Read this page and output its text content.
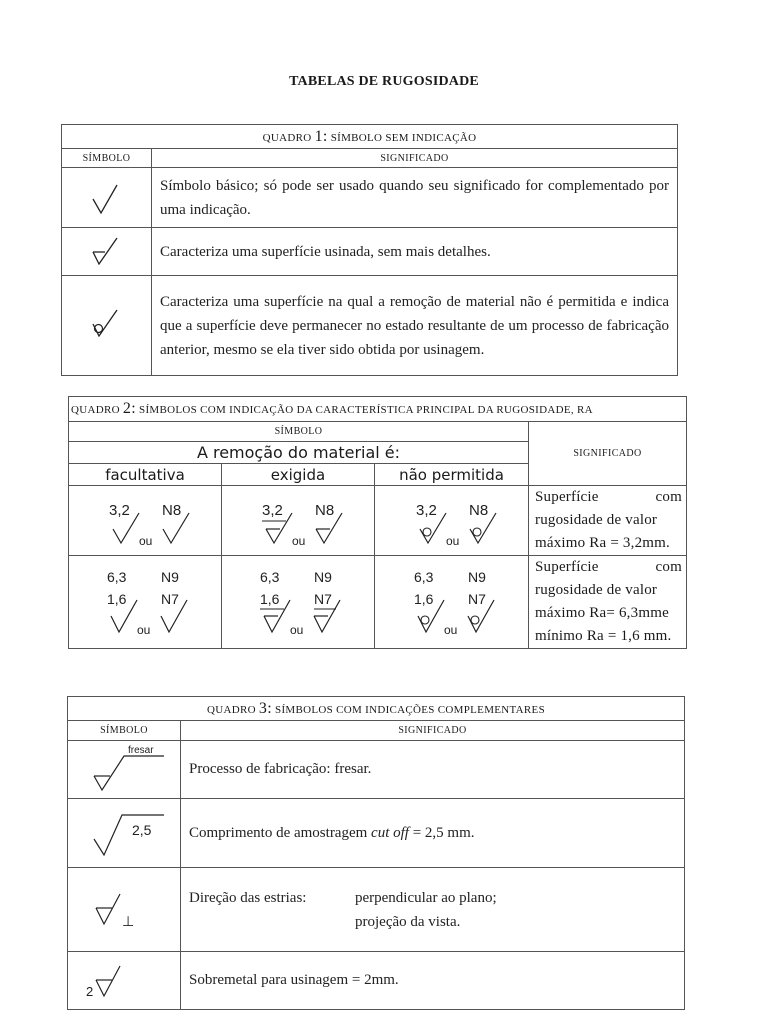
TABELAS DE RUGOSIDADE
QUADRO 1: SÍMBOLO SEM INDICAÇÃO	
SÍMBOLO	SIGNIFICADO

	Símbolo básico; só pode ser usado quando seu significado for complementado por uma indicação.

	Caracteriza uma superfície usinada, sem mais detalhes.

	Caracteriza uma superfície na qual a remoção de material não é permitida e indica que a superfície deve permanecer no estado resultante de um processo de fabricação anterior, mesmo se ela tiver sido obtida por usinagem.
QUADRO 2: SÍMBOLOS COM INDICAÇÃO DA CARACTERÍSTICA PRINCIPAL DA RUGOSIDADE, RA			
SÍMBOLO			SIGNIFICADO
A remoção do material é:			
facultativa	exigida	não permitida	

3,2
ou
N8	3,2
ou
N8	3,2
ou
N8	Superfície com
rugosidade de valor
máximo Ra = 3,2mm.

6,3 N9
1,6
ou
N7	6,3 N9
1,6
ou
N7	6,3 N9
1,6
ou
N7	Superfície com
rugosidade de valor
máximo Ra= 6,3mme
mínimo Ra = 1,6 mm.
QUADRO 3: SÍMBOLOS COM INDICAÇÕES COMPLEMENTARES	
SÍMBOLO	SIGNIFICADO

fresar	Processo de fabricação: fresar.

2,5	Comprimento de amostragem cut off = 2,5 mm.

⊥	Direção das estrias: perpendicular ao plano;
projeção da vista.

2	Sobremetal para usinagem = 2mm.
